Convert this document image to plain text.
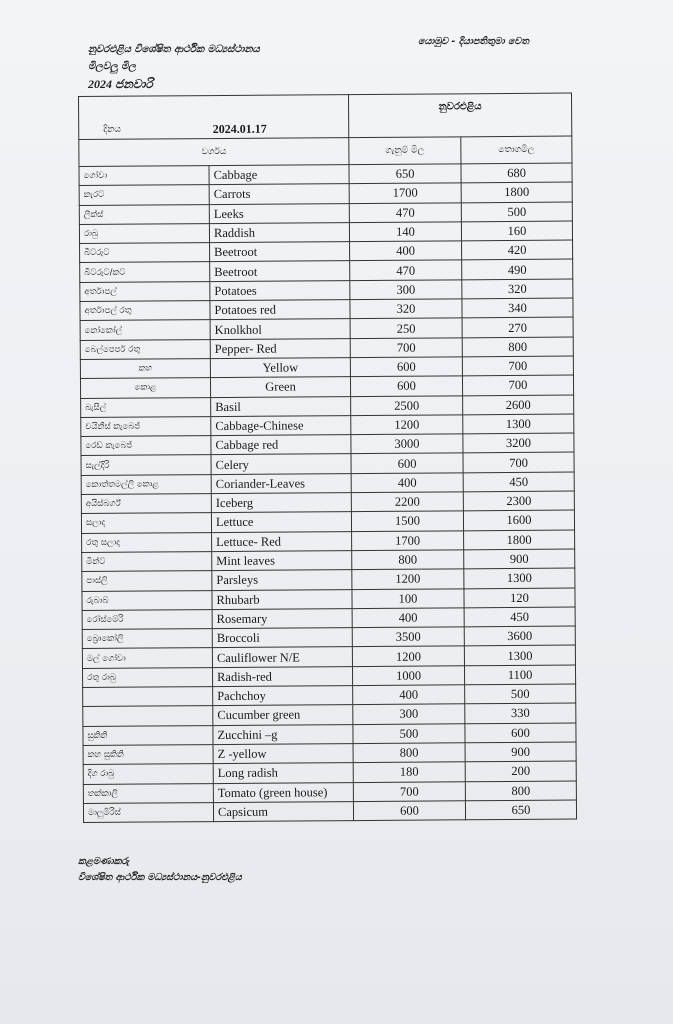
නුවරඑළිය විශේෂිත ආර්ථික මධ්‍යස්ථානය
මිලවලු මිල
2024 ජනවාරි
යොමුව - දියාපතිතුමා වෙත
දිනය	2024.01.17	නුවරඑළිය	
වර්ගය		ගැනුම් මිල	තොගමිල
ගෝවා	Cabbage	650	680
කැරට්	Carrots	1700	1800
ලීක්ස්	Leeks	470	500
රාබු	Raddish	140	160
බීට්රූට්	Beetroot	400	420
බීට්රූට්/කට්	Beetroot	470	490
අර්තාපල්	Potatoes	300	320
අර්තාපල් රතු	Potatoes red	320	340
නෝකෝල්	Knolkhol	250	270
බෙල්පෙපර් රතු	Pepper- Red	700	800
කහ	Yellow	600	700
කොළ	Green	600	700
බැසිල්	Basil	2500	2600
චයිනීස් කැබෙජ්	Cabbage-Chinese	1200	1300
රෙඩ් කැබෙජ්	Cabbage red	3000	3200
සැල්දිරි	Celery	600	700
කොත්තමල්ලි කොළ	Coriander-Leaves	400	450
අයිස්බර්ග්	Iceberg	2200	2300
සලාද	Lettuce	1500	1600
රතු සලාද	Lettuce- Red	1700	1800
මින්ට්	Mint leaves	800	900
පාස්ලි	Parsleys	1200	1300
රුබාබ්	Rhubarb	100	120
රෝස්මේරි	Rosemary	400	450
බ්‍රොකෝලි	Broccoli	3500	3600
මල් ගෝවා	Cauliflower N/E	1200	1300
රතු රාබු	Radish-red	1000	1100
	Pachchoy	400	500
	Cucumber green	300	330
සුකිනි	Zucchini –g	500	600
කහ සුකිනි	Z -yellow	800	900
දිග රාබු	Long radish	180	200
තක්කාලි	Tomato (green house)	700	800
මාලුමිරිස්	Capsicum	600	650
කළමණාකරු
විශේෂිත ආර්ථික මධ්‍යස්ථානය-නුවරඑළිය
